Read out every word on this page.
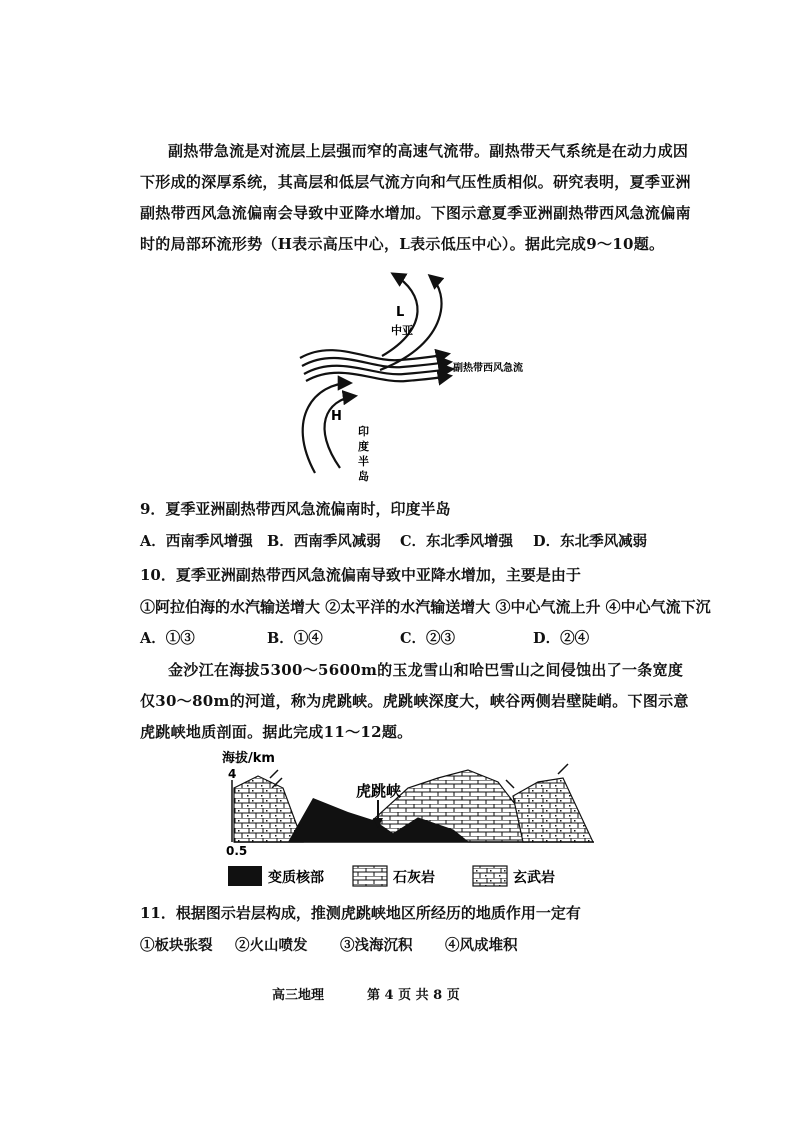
副热带急流是对流层上层强而窄的高速气流带。副热带天气系统是在动力成因下形成的深厚系统，其高层和低层气流方向和气压性质相似。研究表明，夏季亚洲副热带西风急流偏南会导致中亚降水增加。下图示意夏季亚洲副热带西风急流偏南时的局部环流形势（H表示高压中心，L表示低压中心）。据此完成9～10题。

L
中亚
副热带西风急流
H
印
度
半
岛
9．夏季亚洲副热带西风急流偏南时，印度半岛
A．西南季风增强 B．西南季风减弱 C．东北季风增强 D．东北季风减弱
10．夏季亚洲副热带西风急流偏南导致中亚降水增加，主要是由于
①阿拉伯海的水汽输送增大 ②太平洋的水汽输送增大 ③中心气流上升 ④中心气流下沉
A．①③	B．①④	C．②③	D．②④

金沙江在海拔5300～5600m的玉龙雪山和哈巴雪山之间侵蚀出了一条宽度仅30～80m的河道，称为虎跳峡。虎跳峡深度大，峡谷两侧岩壁陡峭。下图示意虎跳峡地质剖面。据此完成11～12题。

海拔/km
4
0.5
虎跳峡
变质核部	石灰岩	玄武岩
11．根据图示岩层构成，推测虎跳峡地区所经历的地质作用一定有
①板块张裂 ②火山喷发 ③浅海沉积 ④风成堆积
高三地理	第 4 页 共 8 页
